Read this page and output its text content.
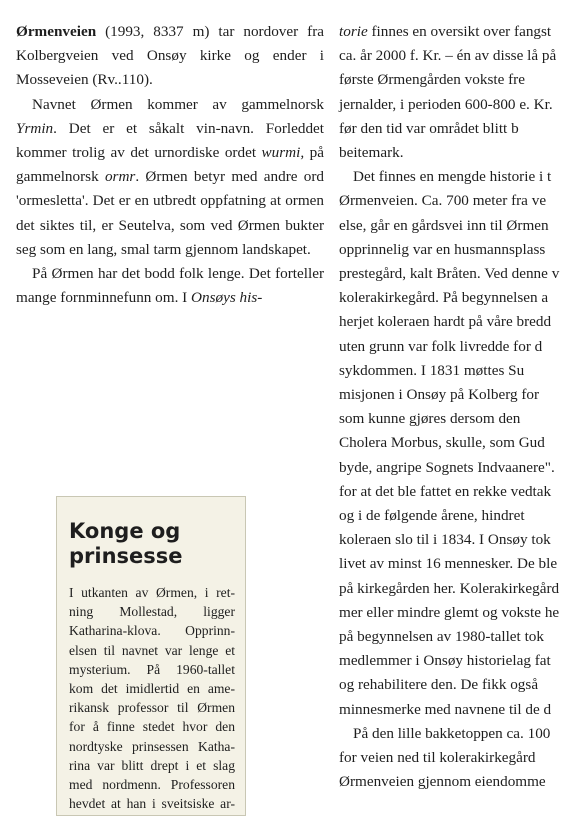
Ørmenveien (1993, 8337 m) tar nordover fra Kolbergveien ved Onsøy kirke og ender i Mosseveien (Rv..110).

Navnet Ørmen kommer av gammelnorsk Yrmin. Det er et såkalt vin-navn. Forleddet kommer trolig av det urnordiske ordet wurmi, på gammelnorsk ormr. Ørmen betyr med andre ord 'ormesletta'. Det er en utbredt oppfatning at ormen det siktes til, er Seutelva, som ved Ørmen bukter seg som en lang, smal tarm gjennom landskapet.

På Ørmen har det bodd folk lenge. Det forteller mange fornminnefunn om. I Onsøys his-

torie finnes en oversikt over fangst

ca. år 2000 f. Kr. – én av disse lå på

første Ørmengården vokste fre

jernalder, i perioden 600-800 e. Kr.

før den tid var området blitt b

beitemark.

Det finnes en mengde historie i t

Ørmenveien. Ca. 700 meter fra ve

else, går en gårdsvei inn til Ørmen

opprinnelig var en husmannsplass

prestegård, kalt Bråten. Ved denne v

kolerakirkegård. På begynnelsen a

herjet koleraen hardt på våre bredd

uten grunn var folk livredde for d

sykdommen. I 1831 møttes Su

misjonen i Onsøy på Kolberg for

som kunne gjøres dersom den

Cholera Morbus, skulle, som Gud

byde, angripe Sognets Indvaanere".

for at det ble fattet en rekke vedtak

og i de følgende årene, hindret

koleraen slo til i 1834. I Onsøy tok

livet av minst 16 mennesker. De ble

på kirkegården her. Kolerakirkegård

mer eller mindre glemt og vokste he

på begynnelsen av 1980-tallet tok

medlemmer i Onsøy historielag fat

og rehabilitere den. De fikk også

minnesmerke med navnene til de d

På den lille bakketoppen ca. 100

for veien ned til kolerakirkegård

Ørmenveien gjennom eiendomme

Konge og
prinsesse
I utkanten av Ørmen, i ret-
ning Mollestad, ligger
Katharina-klova. Opprinn-
elsen til navnet var lenge et
mysterium. På 1960-tallet
kom det imidlertid en ame-
rikansk professor til Ørmen
for å finne stedet hvor den
nordtyske prinsessen Katha-
rina var blitt drept i et slag
med nordmenn. Professoren
hevdet at han i sveitsiske ar-
